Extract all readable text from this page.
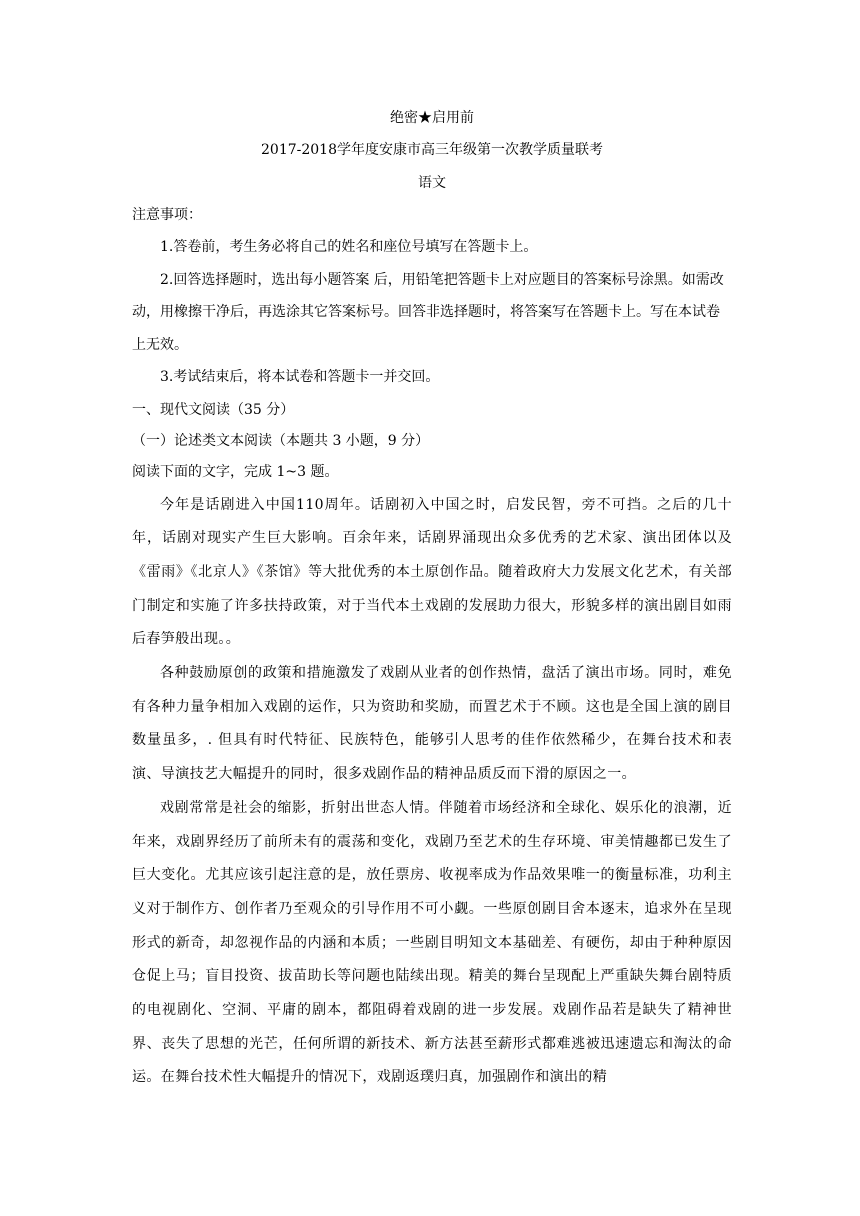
绝密★启用前

2017-2018学年度安康市高三年级第一次教学质量联考

语文

注意事项：

1.答卷前，考生务必将自己的姓名和座位号填写在答题卡上。

2.回答选择题时，选出每小题答案 后，用铅笔把答题卡上对应题目的答案标号涂黑。如需改动，用橡擦干净后，再选涂其它答案标号。回答非选择题时，将答案写在答题卡上。写在本试卷上无效。

3.考试结束后，将本试卷和答题卡一并交回。

一、现代文阅读（35 分）

（一）论述类文本阅读（本题共 3 小题，9 分）

阅读下面的文字，完成 1~3 题。

今年是话剧进入中国110周年。话剧初入中国之时，启发民智，旁不可挡。之后的几十年，话剧对现实产生巨大影响。百余年来，话剧界涌现出众多优秀的艺术家、演出团体以及《雷雨》《北京人》《茶馆》等大批优秀的本土原创作品。随着政府大力发展文化艺术，有关部门制定和实施了许多扶持政策，对于当代本土戏剧的发展助力很大，形貌多样的演出剧目如雨后春笋般出现。。

各种鼓励原创的政策和措施激发了戏剧从业者的创作热情，盘活了演出市场。同时，难免有各种力量争相加入戏剧的运作，只为资助和奖励，而置艺术于不顾。这也是全国上演的剧目数量虽多，. 但具有时代特征、民族特色，能够引人思考的佳作依然稀少，在舞台技术和表演、导演技艺大幅提升的同时，很多戏剧作品的精神品质反而下滑的原因之一。

戏剧常常是社会的缩影，折射出世态人情。伴随着市场经济和全球化、娱乐化的浪潮，近年来，戏剧界经历了前所未有的震荡和变化，戏剧乃至艺术的生存环境、审美情趣都已发生了巨大变化。尤其应该引起注意的是，放任票房、收视率成为作品效果唯一的衡量标准，功利主义对于制作方、创作者乃至观众的引导作用不可小觑。一些原创剧目舍本逐末，追求外在呈现形式的新奇，却忽视作品的内涵和本质；一些剧目明知文本基础差、有硬伤，却由于种种原因仓促上马；盲目投资、拔苗助长等问题也陆续出现。精美的舞台呈现配上严重缺失舞台剧特质的电视剧化、空洞、平庸的剧本，都阻碍着戏剧的进一步发展。戏剧作品若是缺失了精神世界、丧失了思想的光芒，任何所谓的新技术、新方法甚至薪形式都难逃被迅速遗忘和淘汰的命运。在舞台技术性大幅提升的情况下，戏剧返璞归真，加强剧作和演出的精
